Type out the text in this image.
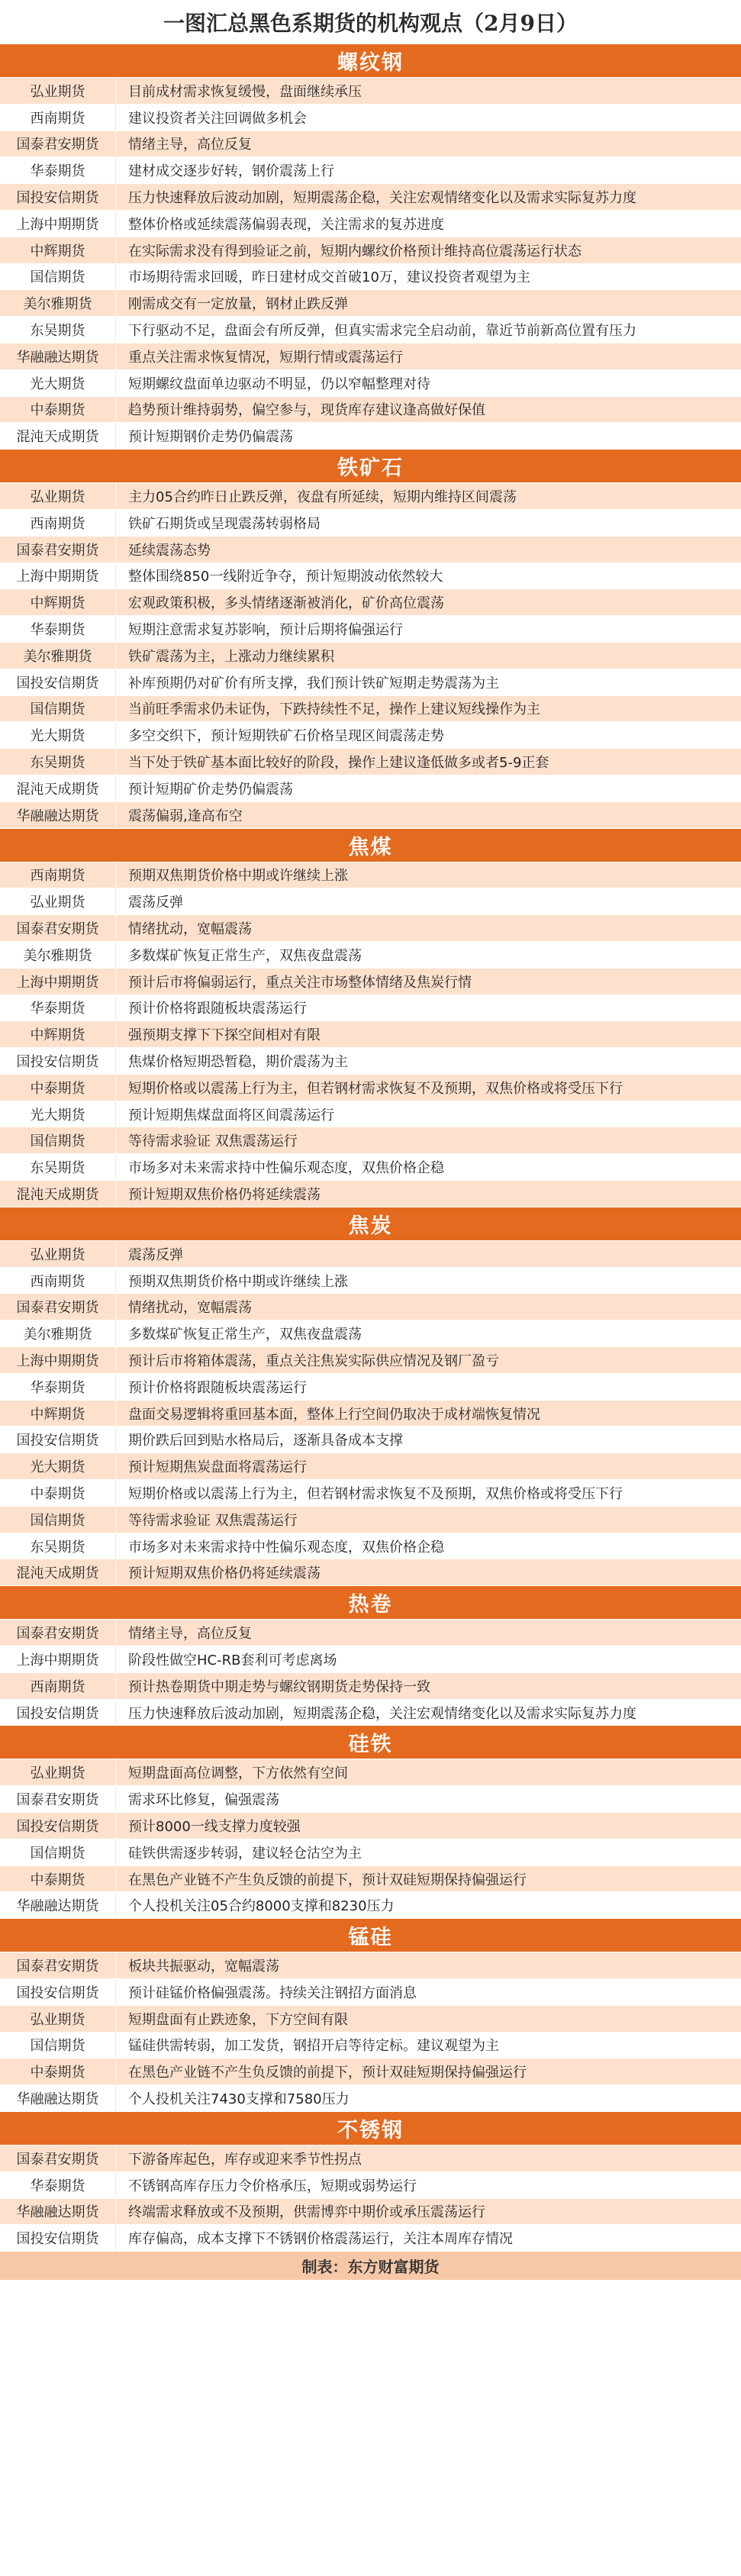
一图汇总黑色系期货的机构观点（2月9日）
螺纹钢
弘业期货	目前成材需求恢复缓慢，盘面继续承压
西南期货	建议投资者关注回调做多机会
国泰君安期货	情绪主导，高位反复
华泰期货	建材成交逐步好转，钢价震荡上行
国投安信期货	压力快速释放后波动加剧，短期震荡企稳，关注宏观情绪变化以及需求实际复苏力度
上海中期期货	整体价格或延续震荡偏弱表现，关注需求的复苏进度
中辉期货	在实际需求没有得到验证之前，短期内螺纹价格预计维持高位震荡运行状态
国信期货	市场期待需求回暖，昨日建材成交首破10万，建议投资者观望为主
美尔雅期货	刚需成交有一定放量，钢材止跌反弹
东吴期货	下行驱动不足，盘面会有所反弹，但真实需求完全启动前，靠近节前新高位置有压力
华融融达期货	重点关注需求恢复情况，短期行情或震荡运行
光大期货	短期螺纹盘面单边驱动不明显，仍以窄幅整理对待
中泰期货	趋势预计维持弱势，偏空参与，现货库存建议逢高做好保值
混沌天成期货	预计短期钢价走势仍偏震荡
铁矿石
弘业期货	主力05合约昨日止跌反弹，夜盘有所延续，短期内维持区间震荡
西南期货	铁矿石期货或呈现震荡转弱格局
国泰君安期货	延续震荡态势
上海中期期货	整体围绕850一线附近争夺，预计短期波动依然较大
中辉期货	宏观政策积极，多头情绪逐渐被消化，矿价高位震荡
华泰期货	短期注意需求复苏影响，预计后期将偏强运行
美尔雅期货	铁矿震荡为主，上涨动力继续累积
国投安信期货	补库预期仍对矿价有所支撑，我们预计铁矿短期走势震荡为主
国信期货	当前旺季需求仍未证伪，下跌持续性不足，操作上建议短线操作为主
光大期货	多空交织下，预计短期铁矿石价格呈现区间震荡走势
东吴期货	当下处于铁矿基本面比较好的阶段，操作上建议逢低做多或者5-9正套
混沌天成期货	预计短期矿价走势仍偏震荡
华融融达期货	震荡偏弱,逢高布空
焦煤
西南期货	预期双焦期货价格中期或许继续上涨
弘业期货	震荡反弹
国泰君安期货	情绪扰动，宽幅震荡
美尔雅期货	多数煤矿恢复正常生产，双焦夜盘震荡
上海中期期货	预计后市将偏弱运行，重点关注市场整体情绪及焦炭行情
华泰期货	预计价格将跟随板块震荡运行
中辉期货	强预期支撑下下探空间相对有限
国投安信期货	焦煤价格短期恐暂稳，期价震荡为主
中泰期货	短期价格或以震荡上行为主，但若钢材需求恢复不及预期，双焦价格或将受压下行
光大期货	预计短期焦煤盘面将区间震荡运行
国信期货	等待需求验证 双焦震荡运行
东吴期货	市场多对未来需求持中性偏乐观态度，双焦价格企稳
混沌天成期货	预计短期双焦价格仍将延续震荡
焦炭
弘业期货	震荡反弹
西南期货	预期双焦期货价格中期或许继续上涨
国泰君安期货	情绪扰动，宽幅震荡
美尔雅期货	多数煤矿恢复正常生产，双焦夜盘震荡
上海中期期货	预计后市将箱体震荡，重点关注焦炭实际供应情况及钢厂盈亏
华泰期货	预计价格将跟随板块震荡运行
中辉期货	盘面交易逻辑将重回基本面，整体上行空间仍取决于成材端恢复情况
国投安信期货	期价跌后回到贴水格局后，逐渐具备成本支撑
光大期货	预计短期焦炭盘面将震荡运行
中泰期货	短期价格或以震荡上行为主，但若钢材需求恢复不及预期，双焦价格或将受压下行
国信期货	等待需求验证 双焦震荡运行
东吴期货	市场多对未来需求持中性偏乐观态度，双焦价格企稳
混沌天成期货	预计短期双焦价格仍将延续震荡
热卷
国泰君安期货	情绪主导，高位反复
上海中期期货	阶段性做空HC-RB套利可考虑离场
西南期货	预计热卷期货中期走势与螺纹钢期货走势保持一致
国投安信期货	压力快速释放后波动加剧，短期震荡企稳，关注宏观情绪变化以及需求实际复苏力度
硅铁
弘业期货	短期盘面高位调整，下方依然有空间
国泰君安期货	需求环比修复，偏强震荡
国投安信期货	预计8000一线支撑力度较强
国信期货	硅铁供需逐步转弱，建议轻仓沽空为主
中泰期货	在黑色产业链不产生负反馈的前提下，预计双硅短期保持偏强运行
华融融达期货	个人投机关注05合约8000支撑和8230压力
锰硅
国泰君安期货	板块共振驱动，宽幅震荡
国投安信期货	预计硅锰价格偏强震荡。持续关注钢招方面消息
弘业期货	短期盘面有止跌迹象，下方空间有限
国信期货	锰硅供需转弱，加工发货，钢招开启等待定标。建议观望为主
中泰期货	在黑色产业链不产生负反馈的前提下，预计双硅短期保持偏强运行
华融融达期货	个人投机关注7430支撑和7580压力
不锈钢
国泰君安期货	下游备库起色，库存或迎来季节性拐点
华泰期货	不锈钢高库存压力令价格承压，短期或弱势运行
华融融达期货	终端需求释放或不及预期，供需博弈中期价或承压震荡运行
国投安信期货	库存偏高，成本支撑下不锈钢价格震荡运行，关注本周库存情况
制表：东方财富期货
